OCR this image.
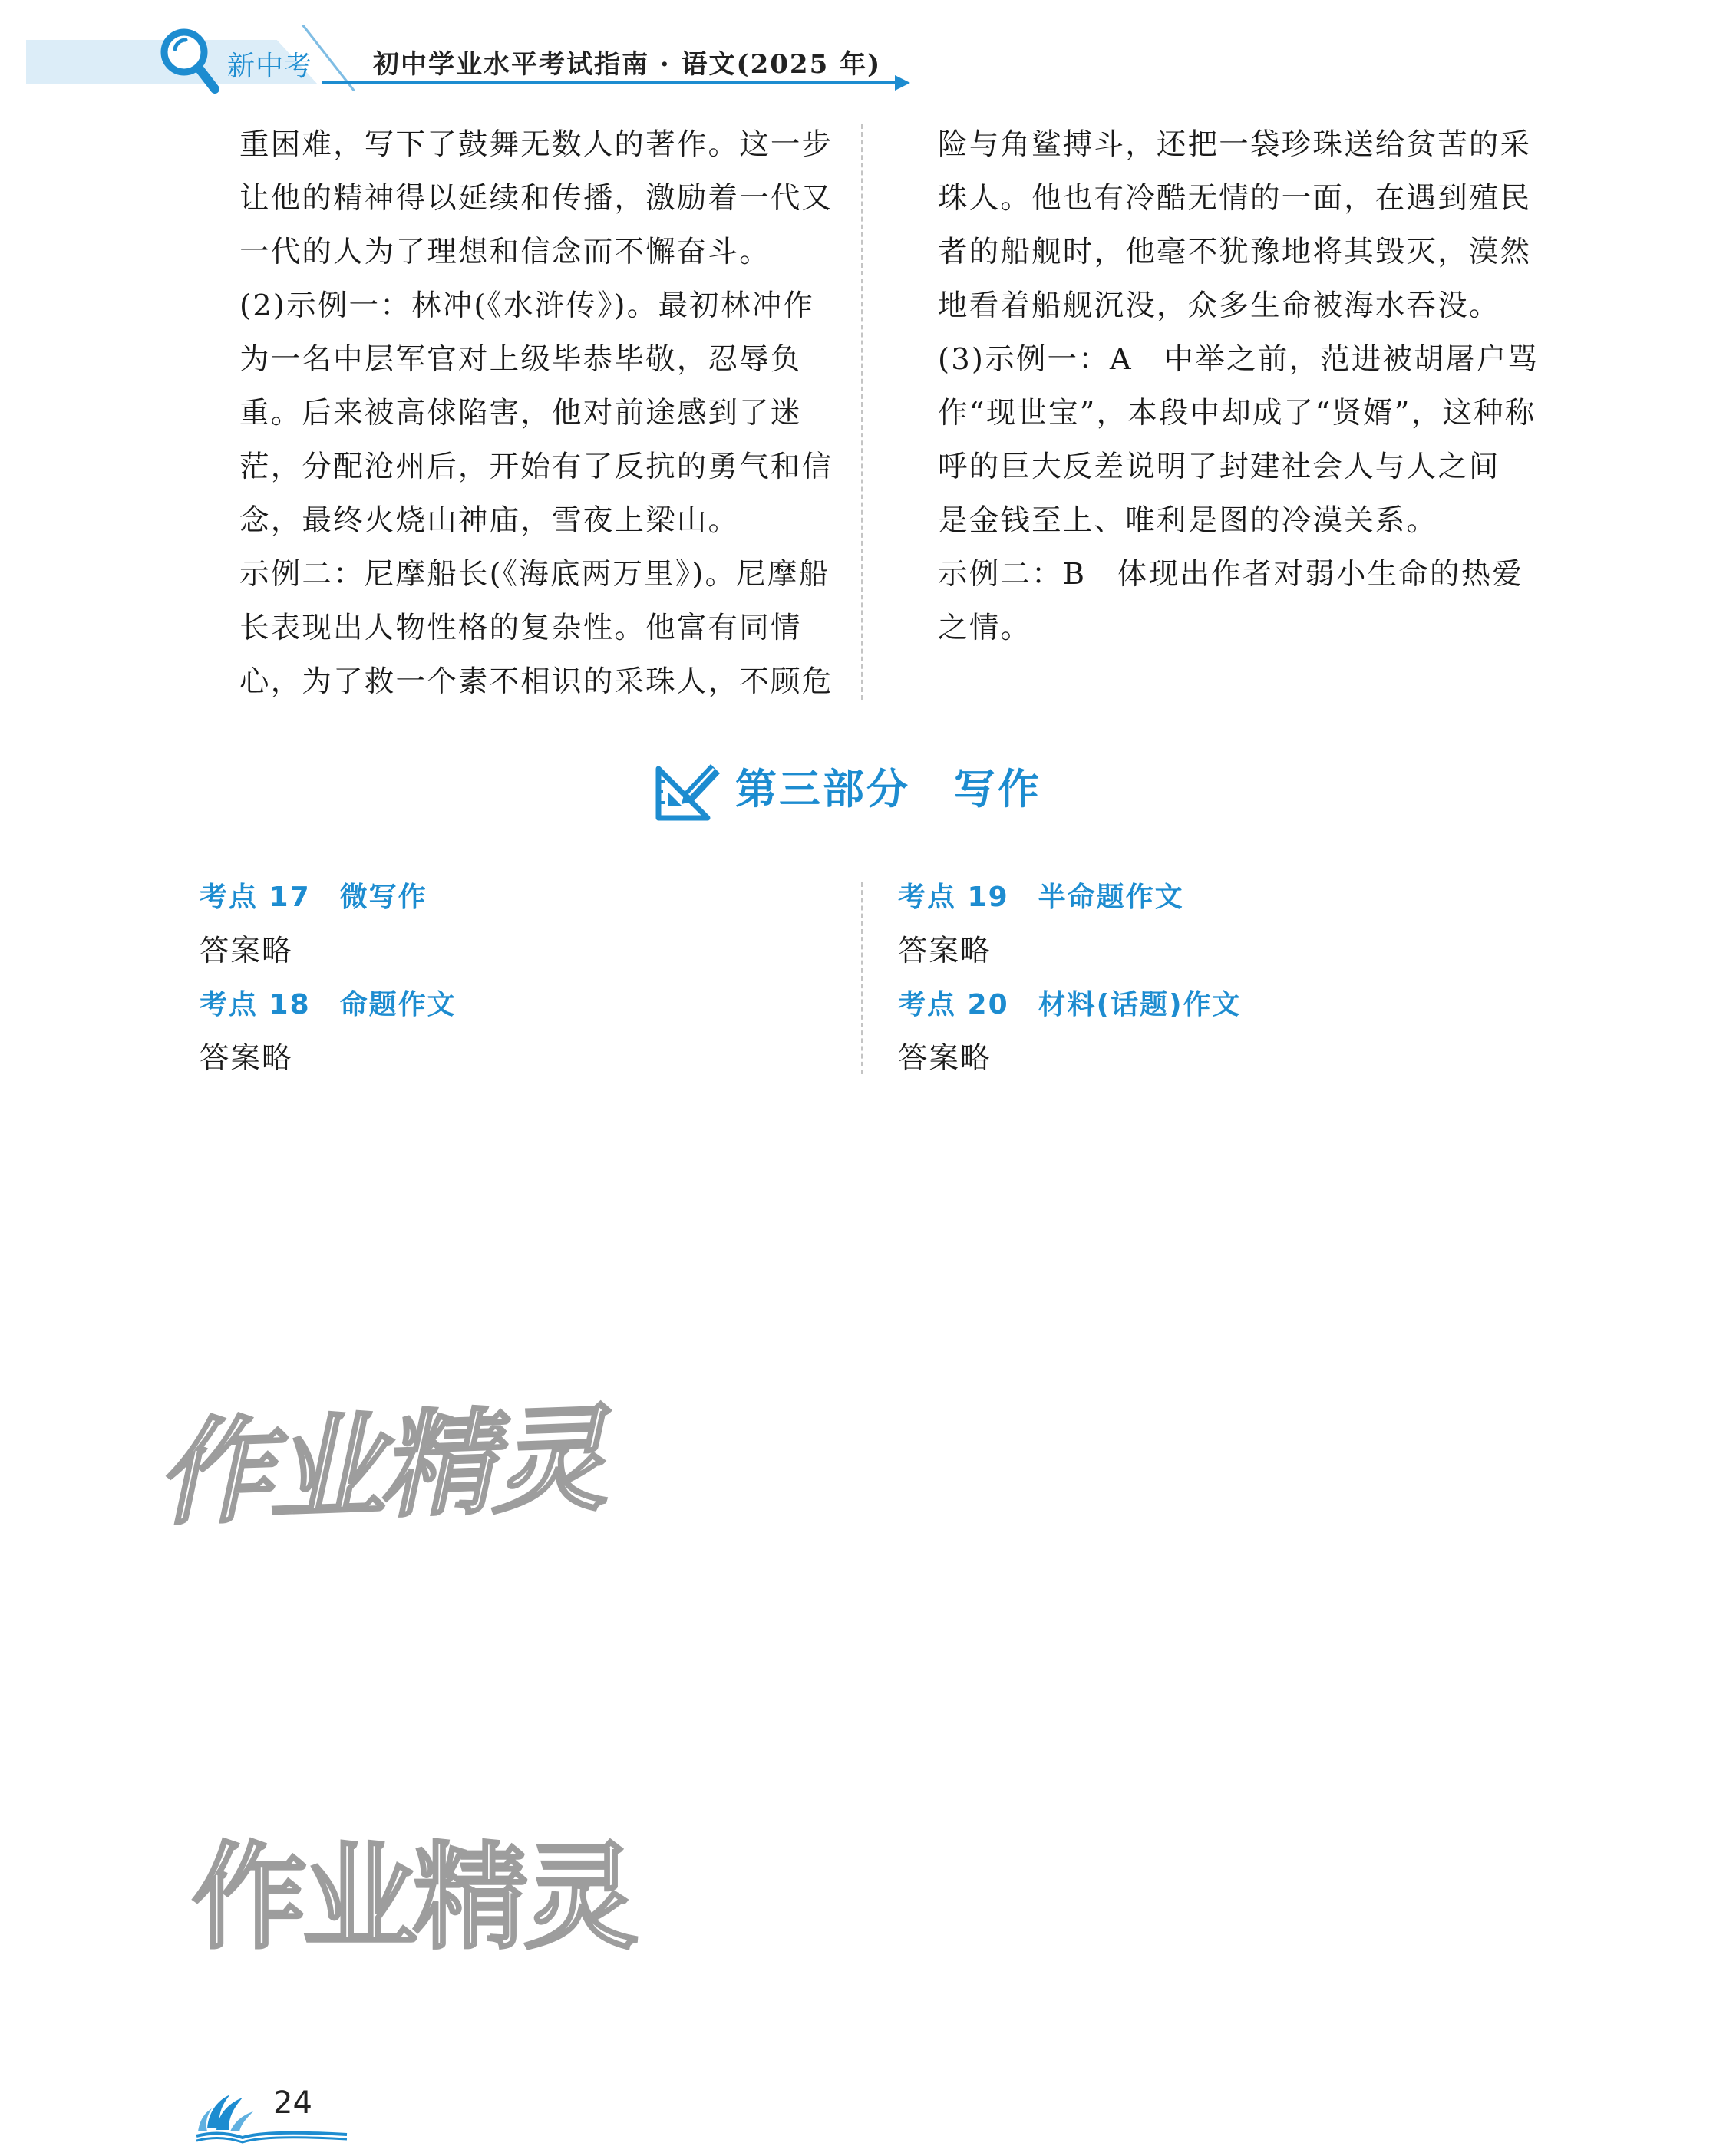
新中考 初中学业水平考试指南 · 语文(2025 年)

重困难，写下了鼓舞无数人的著作。这一步

让他的精神得以延续和传播，激励着一代又

一代的人为了理想和信念而不懈奋斗。

(2)示例一：林冲(《水浒传》)。最初林冲作

为一名中层军官对上级毕恭毕敬，忍辱负

重。后来被高俅陷害，他对前途感到了迷

茫，分配沧州后，开始有了反抗的勇气和信

念，最终火烧山神庙，雪夜上梁山。

示例二：尼摩船长(《海底两万里》)。尼摩船

长表现出人物性格的复杂性。他富有同情

心，为了救一个素不相识的采珠人，不顾危

险与角鲨搏斗，还把一袋珍珠送给贫苦的采

珠人。他也有冷酷无情的一面，在遇到殖民

者的船舰时，他毫不犹豫地将其毁灭，漠然

地看着船舰沉没，众多生命被海水吞没。

(3)示例一：A　中举之前，范进被胡屠户骂

作“现世宝”，本段中却成了“贤婿”，这种称

呼的巨大反差说明了封建社会人与人之间

是金钱至上、唯利是图的冷漠关系。

示例二：B　体现出作者对弱小生命的热爱

之情。

第三部分　写作

考点 17　微写作

答案略

考点 18　命题作文

答案略

考点 19　半命题作文

答案略

考点 20　材料(话题)作文

答案略

作业精灵
作业精灵
24
